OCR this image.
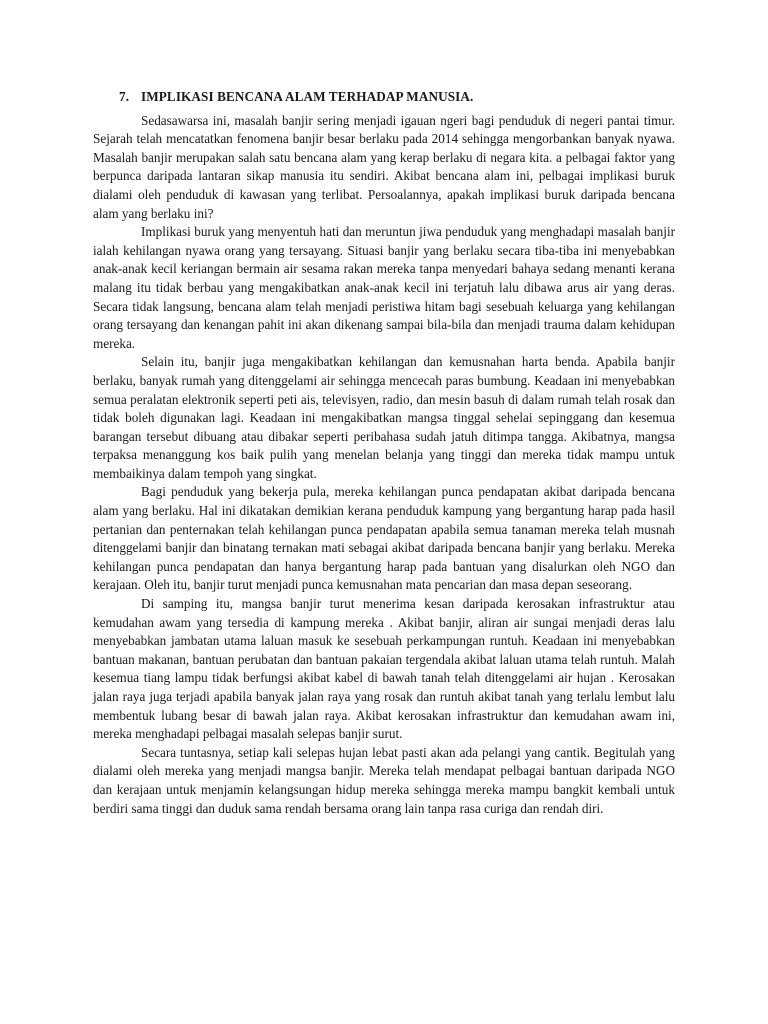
7. IMPLIKASI BENCANA ALAM TERHADAP MANUSIA.

Sedasawarsa ini, masalah banjir sering menjadi igauan ngeri bagi penduduk di negeri pantai timur. Sejarah telah mencatatkan fenomena banjir besar berlaku pada 2014 sehingga mengorbankan banyak nyawa. Masalah banjir merupakan salah satu bencana alam yang kerap berlaku di negara kita. a pelbagai faktor yang berpunca daripada lantaran sikap manusia itu sendiri. Akibat bencana alam ini, pelbagai implikasi buruk dialami oleh penduduk di kawasan yang terlibat. Persoalannya, apakah implikasi buruk daripada bencana alam yang berlaku ini?

Implikasi buruk yang menyentuh hati dan meruntun jiwa penduduk yang menghadapi masalah banjir ialah kehilangan nyawa orang yang tersayang. Situasi banjir yang berlaku secara tiba-tiba ini menyebabkan anak-anak kecil keriangan bermain air sesama rakan mereka tanpa menyedari bahaya sedang menanti kerana malang itu tidak berbau yang mengakibatkan anak-anak kecil ini terjatuh lalu dibawa arus air yang deras. Secara tidak langsung, bencana alam telah menjadi peristiwa hitam bagi sesebuah keluarga yang kehilangan orang tersayang dan kenangan pahit ini akan dikenang sampai bila-bila dan menjadi trauma dalam kehidupan mereka.

Selain itu, banjir juga mengakibatkan kehilangan dan kemusnahan harta benda. Apabila banjir berlaku, banyak rumah yang ditenggelami air sehingga mencecah paras bumbung. Keadaan ini menyebabkan semua peralatan elektronik seperti peti ais, televisyen, radio, dan mesin basuh di dalam rumah telah rosak dan tidak boleh digunakan lagi. Keadaan ini mengakibatkan mangsa tinggal sehelai sepinggang dan kesemua barangan tersebut dibuang atau dibakar seperti peribahasa sudah jatuh ditimpa tangga. Akibatnya, mangsa terpaksa menanggung kos baik pulih yang menelan belanja yang tinggi dan mereka tidak mampu untuk membaikinya dalam tempoh yang singkat.

Bagi penduduk yang bekerja pula, mereka kehilangan punca pendapatan akibat daripada bencana alam yang berlaku. Hal ini dikatakan demikian kerana penduduk kampung yang bergantung harap pada hasil pertanian dan penternakan telah kehilangan punca pendapatan apabila semua tanaman mereka telah musnah ditenggelami banjir dan binatang ternakan mati sebagai akibat daripada bencana banjir yang berlaku. Mereka kehilangan punca pendapatan dan hanya bergantung harap pada bantuan yang disalurkan oleh NGO dan kerajaan. Oleh itu, banjir turut menjadi punca kemusnahan mata pencarian dan masa depan seseorang.

Di samping itu, mangsa banjir turut menerima kesan daripada kerosakan infrastruktur atau kemudahan awam yang tersedia di kampung mereka . Akibat banjir, aliran air sungai menjadi deras lalu menyebabkan jambatan utama laluan masuk ke sesebuah perkampungan runtuh. Keadaan ini menyebabkan bantuan makanan, bantuan perubatan dan bantuan pakaian tergendala akibat laluan utama telah runtuh. Malah kesemua tiang lampu tidak berfungsi akibat kabel di bawah tanah telah ditenggelami air hujan . Kerosakan jalan raya juga terjadi apabila banyak jalan raya yang rosak dan runtuh akibat tanah yang terlalu lembut lalu membentuk lubang besar di bawah jalan raya. Akibat kerosakan infrastruktur dan kemudahan awam ini, mereka menghadapi pelbagai masalah selepas banjir surut.

Secara tuntasnya, setiap kali selepas hujan lebat pasti akan ada pelangi yang cantik. Begitulah yang dialami oleh mereka yang menjadi mangsa banjir. Mereka telah mendapat pelbagai bantuan daripada NGO dan kerajaan untuk menjamin kelangsungan hidup mereka sehingga mereka mampu bangkit kembali untuk berdiri sama tinggi dan duduk sama rendah bersama orang lain tanpa rasa curiga dan rendah diri.
